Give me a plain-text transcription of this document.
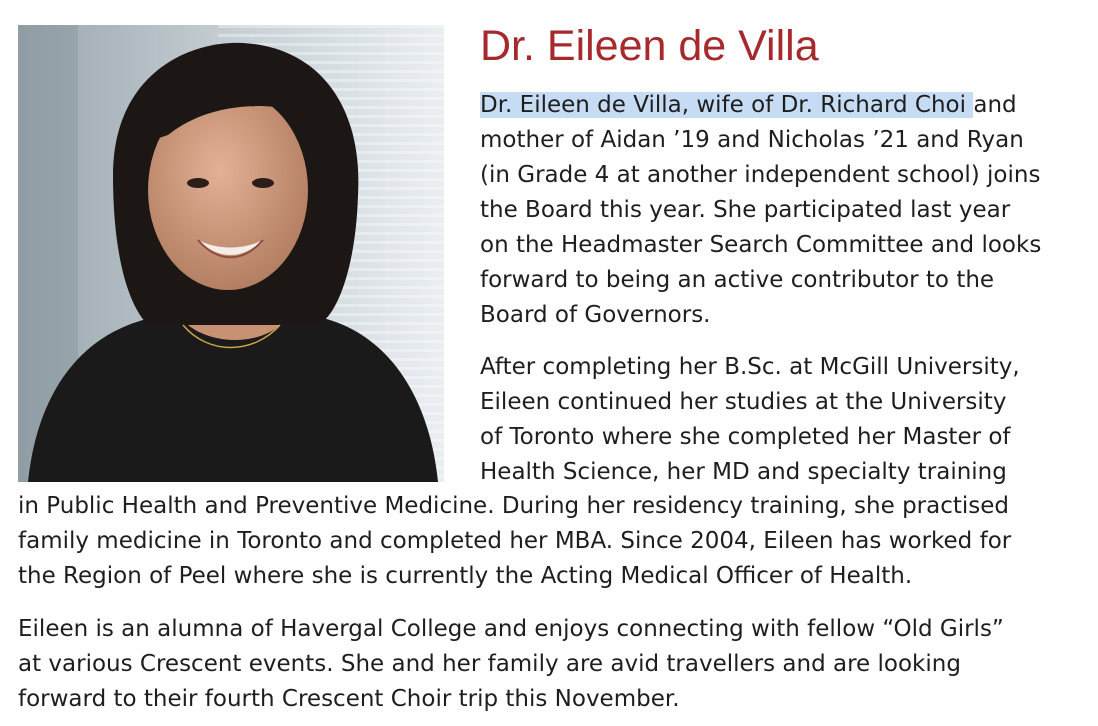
Dr. Eileen de Villa
Dr. Eileen de Villa, wife of Dr. Richard Choi and
mother of Aidan ’19 and Nicholas ’21 and Ryan
(in Grade 4 at another independent school) joins
the Board this year. She participated last year
on the Headmaster Search Committee and looks
forward to being an active contributor to the
Board of Governors.
After completing her B.Sc. at McGill University,
Eileen continued her studies at the University
of Toronto where she completed her Master of
Health Science, her MD and specialty training
in Public Health and Preventive Medicine. During her residency training, she practised
family medicine in Toronto and completed her MBA. Since 2004, Eileen has worked for
the Region of Peel where she is currently the Acting Medical Officer of Health.
Eileen is an alumna of Havergal College and enjoys connecting with fellow “Old Girls”
at various Crescent events. She and her family are avid travellers and are looking
forward to their fourth Crescent Choir trip this November.
